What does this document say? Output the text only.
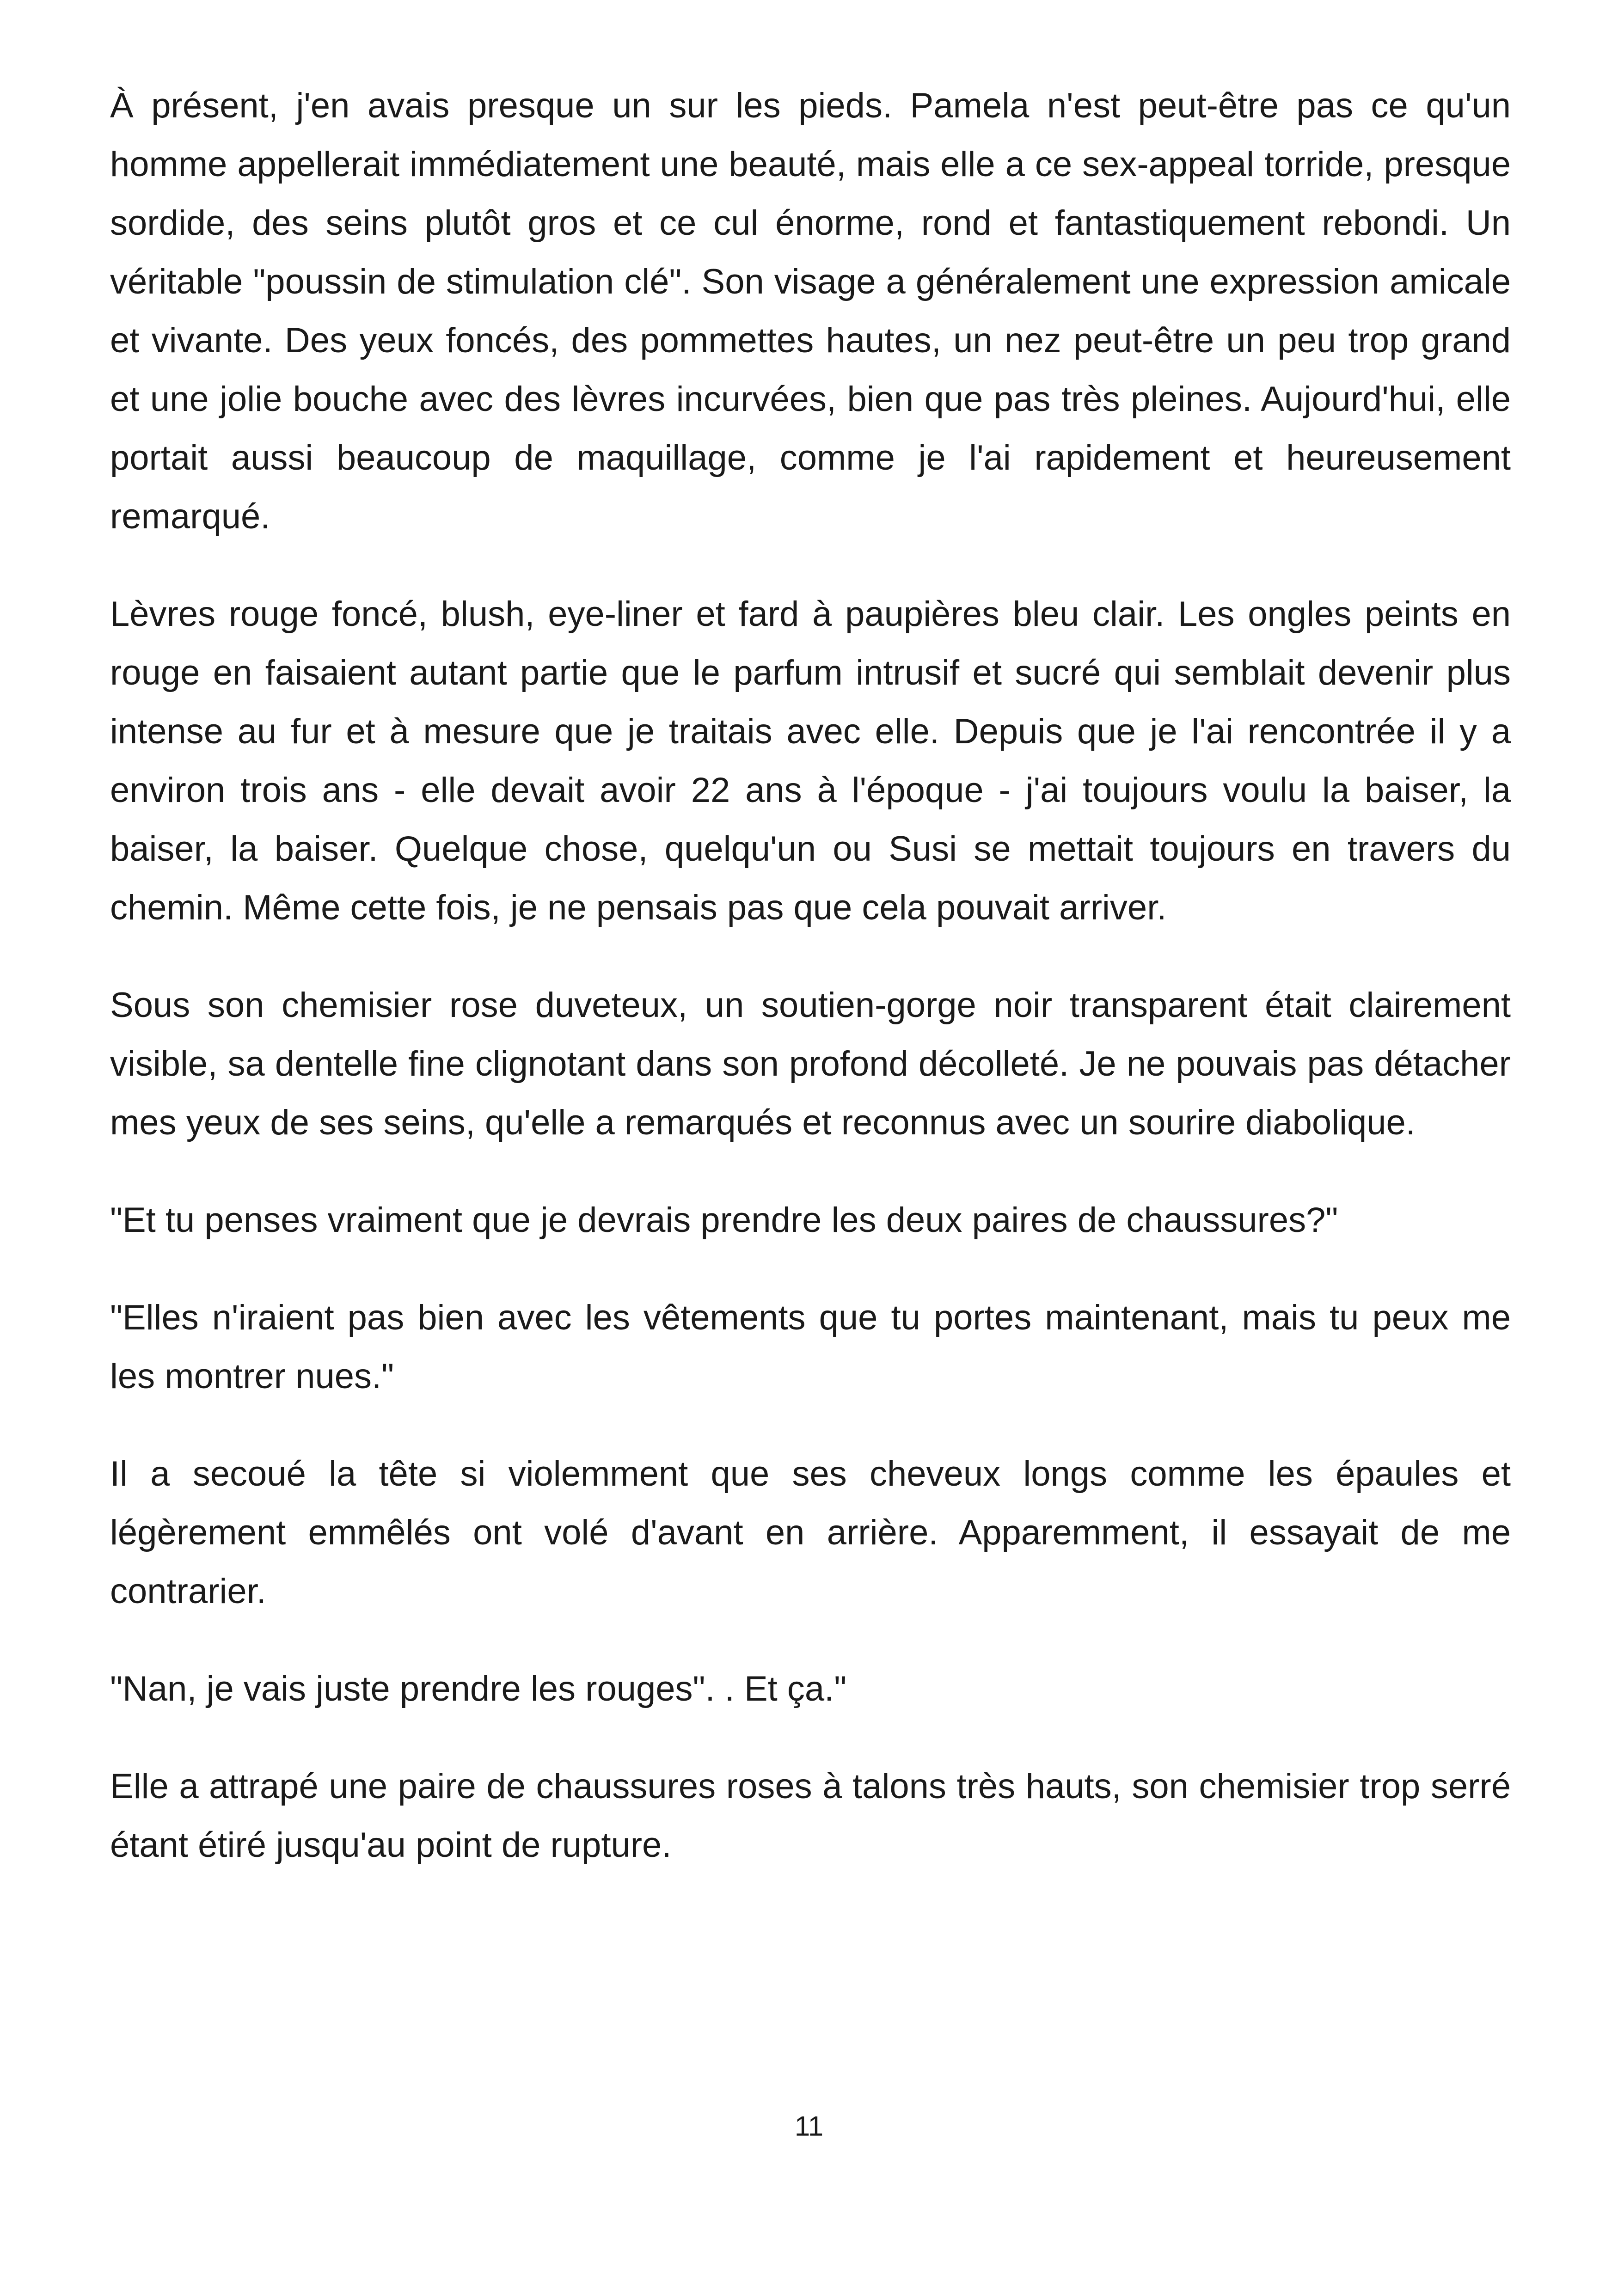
À présent, j'en avais presque un sur les pieds. Pamela n'est peut-être pas ce qu'un homme appellerait immédiatement une beauté, mais elle a ce sex-appeal torride, presque sordide, des seins plutôt gros et ce cul énorme, rond et fantastiquement rebondi. Un véritable "poussin de stimulation clé". Son visage a généralement une expression amicale et vivante. Des yeux foncés, des pommettes hautes, un nez peut-être un peu trop grand et une jolie bouche avec des lèvres incurvées, bien que pas très pleines. Aujourd'hui, elle portait aussi beaucoup de maquillage, comme je l'ai rapidement et heureusement remarqué.

Lèvres rouge foncé, blush, eye-liner et fard à paupières bleu clair. Les ongles peints en rouge en faisaient autant partie que le parfum intrusif et sucré qui semblait devenir plus intense au fur et à mesure que je traitais avec elle. Depuis que je l'ai rencontrée il y a environ trois ans - elle devait avoir 22 ans à l'époque - j'ai toujours voulu la baiser, la baiser, la baiser. Quelque chose, quelqu'un ou Susi se mettait toujours en travers du chemin. Même cette fois, je ne pensais pas que cela pouvait arriver.

Sous son chemisier rose duveteux, un soutien-gorge noir transparent était clairement visible, sa dentelle fine clignotant dans son profond décolleté. Je ne pouvais pas détacher mes yeux de ses seins, qu'elle a remarqués et reconnus avec un sourire diabolique.

"Et tu penses vraiment que je devrais prendre les deux paires de chaussures?"

"Elles n'iraient pas bien avec les vêtements que tu portes maintenant, mais tu peux me les montrer nues."

Il a secoué la tête si violemment que ses cheveux longs comme les épaules et légèrement emmêlés ont volé d'avant en arrière. Apparemment, il essayait de me contrarier.

"Nan, je vais juste prendre les rouges". . Et ça."

Elle a attrapé une paire de chaussures roses à talons très hauts, son chemisier trop serré étant étiré jusqu'au point de rupture.

11
